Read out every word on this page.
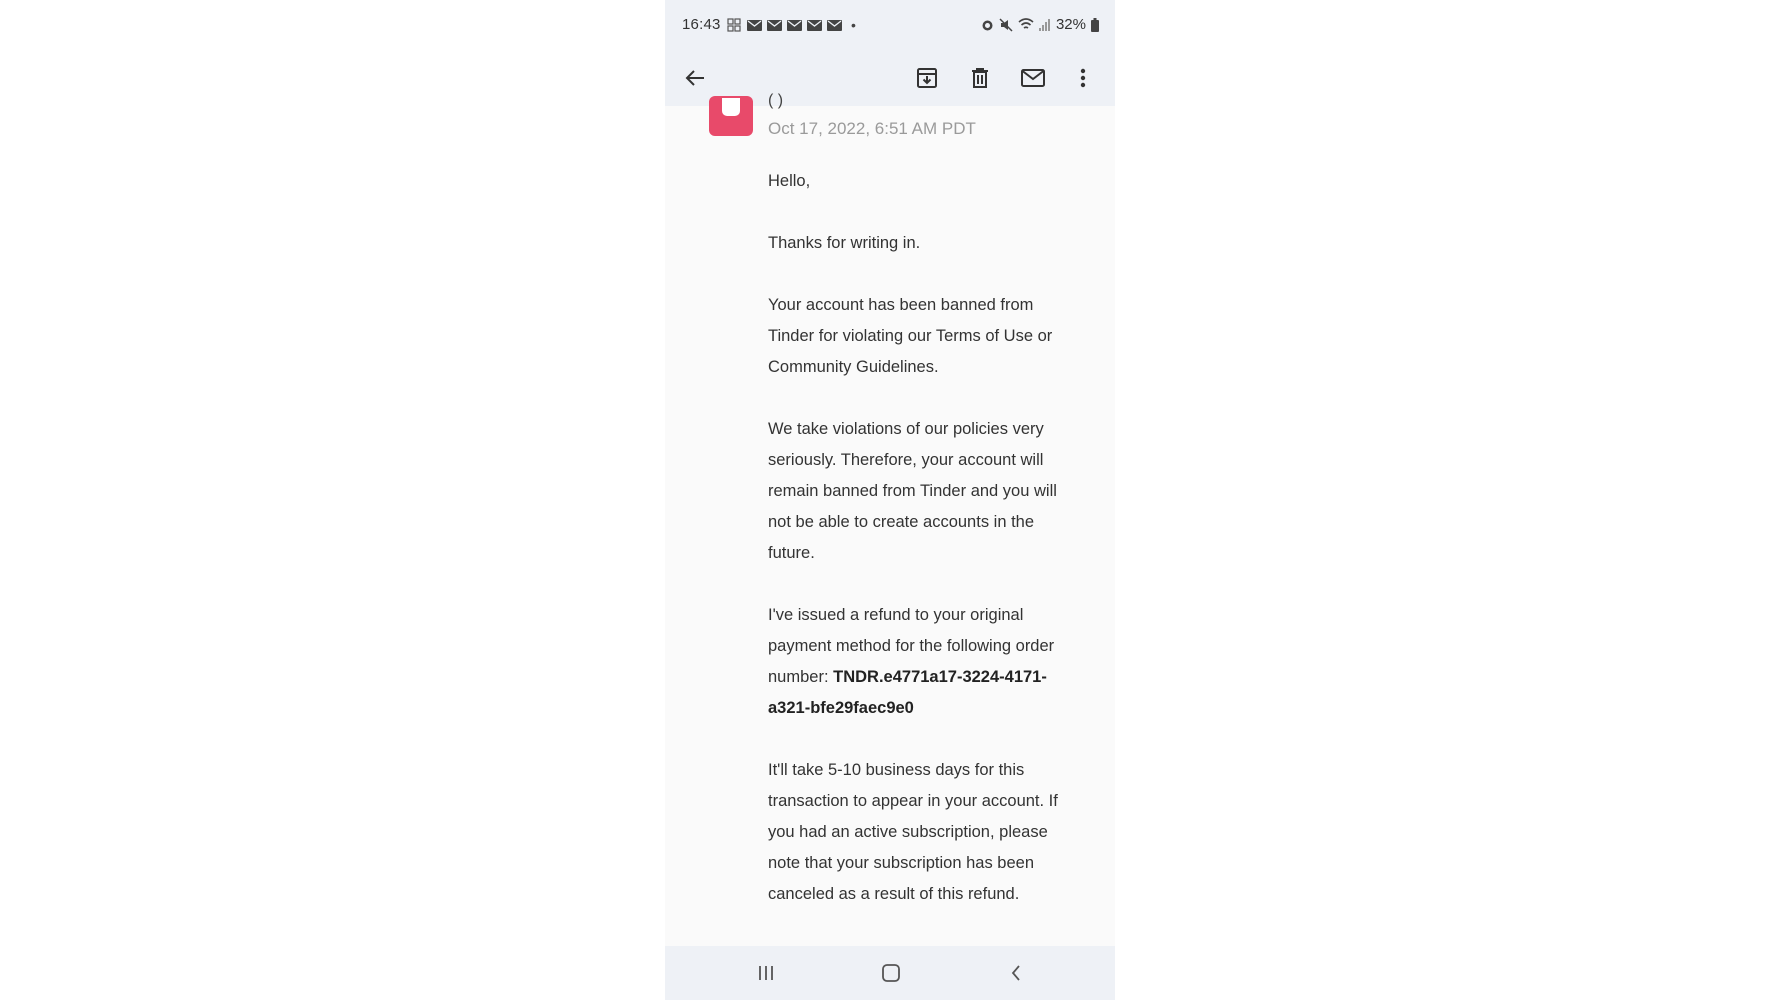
16:43	•	32%
( )
Oct 17, 2022, 6:51 AM PDT

Hello,

Thanks for writing in.

Your account has been banned from Tinder for violating our Terms of Use or Community Guidelines.

We take violations of our policies very seriously. Therefore, your account will remain banned from Tinder and you will not be able to create accounts in the future.

I've issued a refund to your original payment method for the following order number: TNDR.e4771a17-3224-4171-a321-bfe29faec9e0

It'll take 5-10 business days for this transaction to appear in your account. If you had an active subscription, please note that your subscription has been canceled as a result of this refund.
